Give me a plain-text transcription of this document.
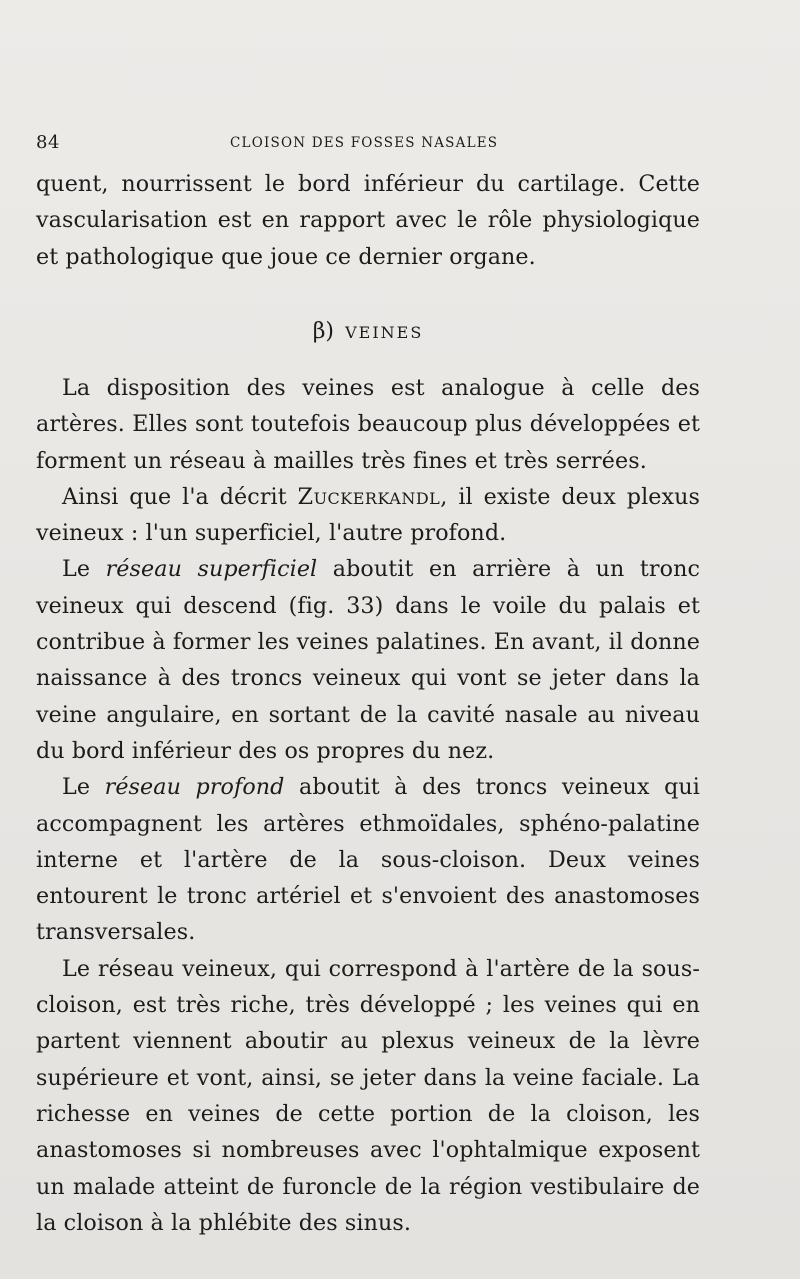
84	CLOISON DES FOSSES NASALES

quent, nourrissent le bord inférieur du cartilage. Cette vascularisation est en rapport avec le rôle physiologique et pathologique que joue ce dernier organe.

β) VEINES

La disposition des veines est analogue à celle des artères. Elles sont toutefois beaucoup plus développées et forment un réseau à mailles très fines et très serrées.

Ainsi que l'a décrit Zuckerkandl, il existe deux plexus veineux : l'un superficiel, l'autre profond.

Le réseau superficiel aboutit en arrière à un tronc veineux qui descend (fig. 33) dans le voile du palais et contribue à former les veines palatines. En avant, il donne naissance à des troncs veineux qui vont se jeter dans la veine angulaire, en sortant de la cavité nasale au niveau du bord inférieur des os propres du nez.

Le réseau profond aboutit à des troncs veineux qui accompagnent les artères ethmoïdales, sphéno-palatine interne et l'artère de la sous-cloison. Deux veines entourent le tronc artériel et s'envoient des anastomoses transversales.

Le réseau veineux, qui correspond à l'artère de la sous-cloison, est très riche, très développé ; les veines qui en partent viennent aboutir au plexus veineux de la lèvre supérieure et vont, ainsi, se jeter dans la veine faciale. La richesse en veines de cette portion de la cloison, les anastomoses si nombreuses avec l'ophtalmique exposent un malade atteint de furoncle de la région vestibulaire de la cloison à la phlébite des sinus.
